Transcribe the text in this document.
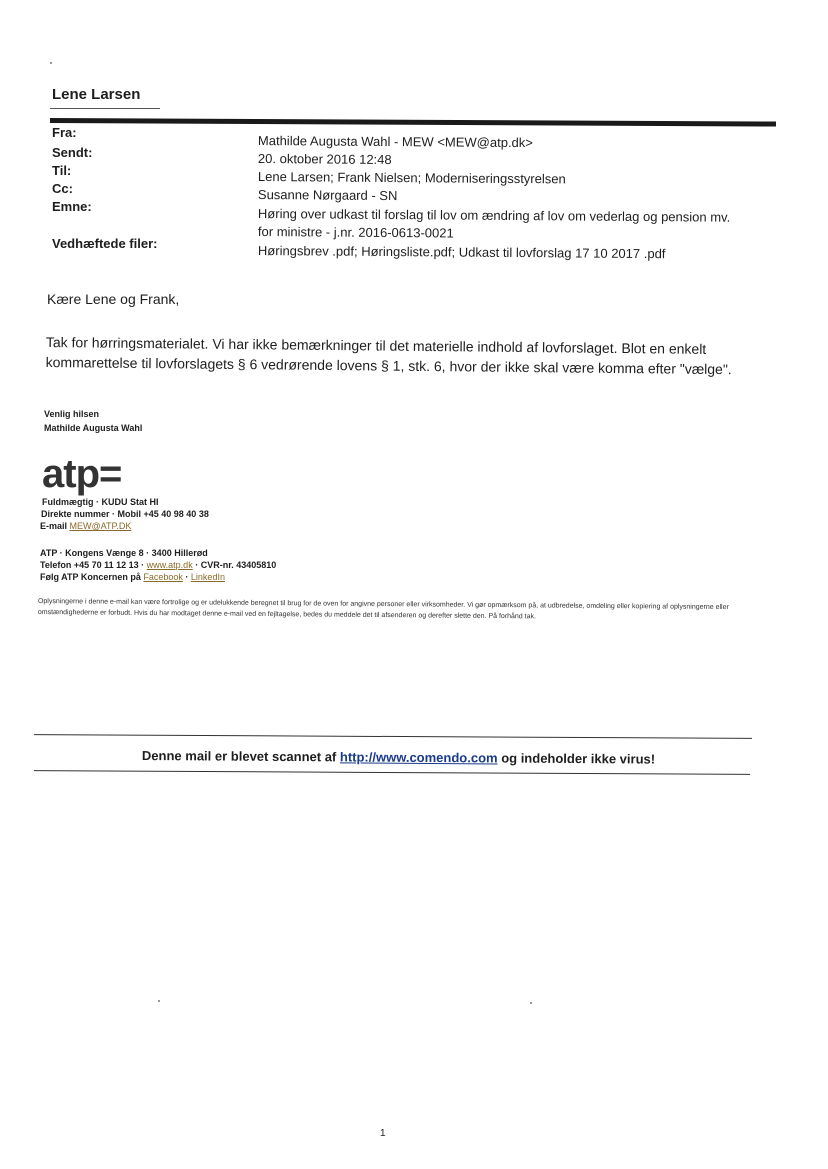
Lene Larsen
Fra:
Sendt:
Til:
Cc:
Emne:
Vedhæftede filer:
Mathilde Augusta Wahl - MEW <MEW@atp.dk>
20. oktober 2016 12:48
Lene Larsen; Frank Nielsen; Moderniseringsstyrelsen
Susanne Nørgaard - SN
Høring over udkast til forslag til lov om ændring af lov om vederlag og pension mv.
for ministre - j.nr. 2016-0613-0021
Høringsbrev .pdf; Høringsliste.pdf; Udkast til lovforslag 17 10 2017 .pdf
Kære Lene og Frank,
Tak for hørringsmaterialet. Vi har ikke bemærkninger til det materielle indhold af lovforslaget. Blot en enkelt kommarettelse til lovforslagets § 6 vedrørende lovens § 1, stk. 6, hvor der ikke skal være komma efter "vælge".
Venlig hilsen
Mathilde Augusta Wahl
atp=
Fuldmægtig · KUDU Stat HI
Direkte nummer · Mobil +45 40 98 40 38
E-mail MEW@ATP.DK
ATP · Kongens Vænge 8 · 3400 Hillerød
Telefon +45 70 11 12 13 · www.atp.dk · CVR-nr. 43405810
Følg ATP Koncernen på Facebook · LinkedIn
Oplysningerne i denne e-mail kan være fortrolige og er udelukkende beregnet til brug for de oven for angivne personer eller virksomheder. Vi gør opmærksom på, at udbredelse, omdeling eller kopiering af oplysningerne eller omstændighederne er forbudt. Hvis du har modtaget denne e-mail ved en fejltagelse, bedes du meddele det til afsenderen og derefter slette den. På forhånd tak.
Denne mail er blevet scannet af http://www.comendo.com og indeholder ikke virus!
1
